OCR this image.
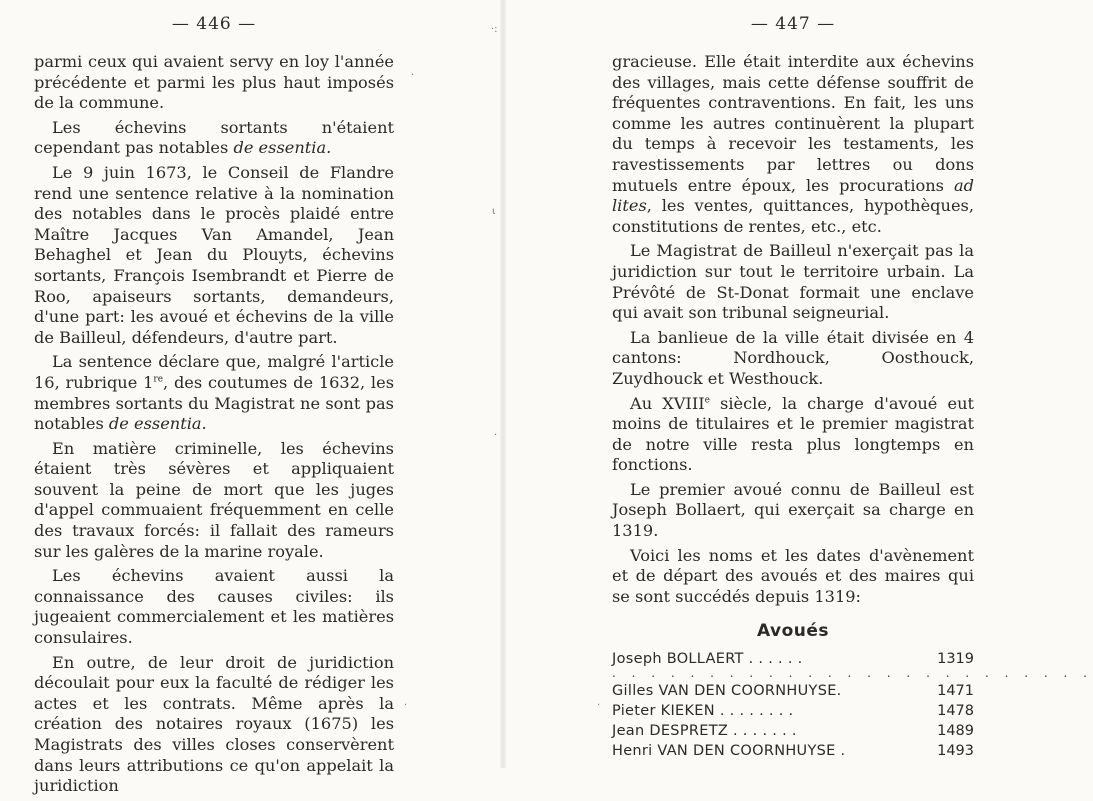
·:
ι
·
·
·	·
— 446 —

parmi ceux qui avaient servy en loy l'année précédente et parmi les plus haut imposés de la commune.

Les échevins sortants n'étaient cependant pas notables de essentia.

Le 9 juin 1673, le Conseil de Flandre rend une sentence relative à la nomination des notables dans le procès plaidé entre Maître Jacques Van Amandel, Jean Behaghel et Jean du Plouyts, échevins sortants, François Isembrandt et Pierre de Roo, apaiseurs sortants, demandeurs, d'une part: les avoué et échevins de la ville de Bailleul, défendeurs, d'autre part.

La sentence déclare que, malgré l'article 16, rubrique 1re, des coutumes de 1632, les membres sortants du Magistrat ne sont pas notables de essentia.

En matière criminelle, les échevins étaient très sévères et appliquaient souvent la peine de mort que les juges d'appel commuaient fréquemment en celle des travaux forcés: il fallait des rameurs sur les galères de la marine royale.

Les échevins avaient aussi la connaissance des causes civiles: ils jugeaient commercialement et les matières consulaires.

En outre, de leur droit de juridiction découlait pour eux la faculté de rédiger les actes et les contrats. Même après la création des notaires royaux (1675) les Magistrats des villes closes conservèrent dans leurs attributions ce qu'on appelait la juridiction

— 447 —

gracieuse. Elle était interdite aux échevins des villages, mais cette défense souffrit de fréquentes contraventions. En fait, les uns comme les autres continuèrent la plupart du temps à recevoir les testaments, les ravestissements par lettres ou dons mutuels entre époux, les procurations ad lites, les ventes, quittances, hypothèques, constitutions de rentes, etc., etc.

Le Magistrat de Bailleul n'exerçait pas la juridiction sur tout le territoire urbain. La Prévôté de St-Donat formait une enclave qui avait son tribunal seigneurial.

La banlieue de la ville était divisée en 4 cantons: Nordhouck, Oosthouck, Zuydhouck et Westhouck.

Au XVIIIe siècle, la charge d'avoué eut moins de titulaires et le premier magistrat de notre ville resta plus longtemps en fonctions.

Le premier avoué connu de Bailleul est Joseph Bollaert, qui exerçait sa charge en 1319.

Voici les noms et les dates d'avènement et de départ des avoués et des maires qui se sont succédés depuis 1319:

Avoués
Joseph BOLLAERT . . . . . .	1319
. . . . . . . . . . . . . . . . . . . . . . . . .
Gilles VAN DEN COORNHUYSE.	1471
Pieter KIEKEN . . . . . . . .	1478
Jean DESPRETZ . . . . . . .	1489
Henri VAN DEN COORNHUYSE .	1493
